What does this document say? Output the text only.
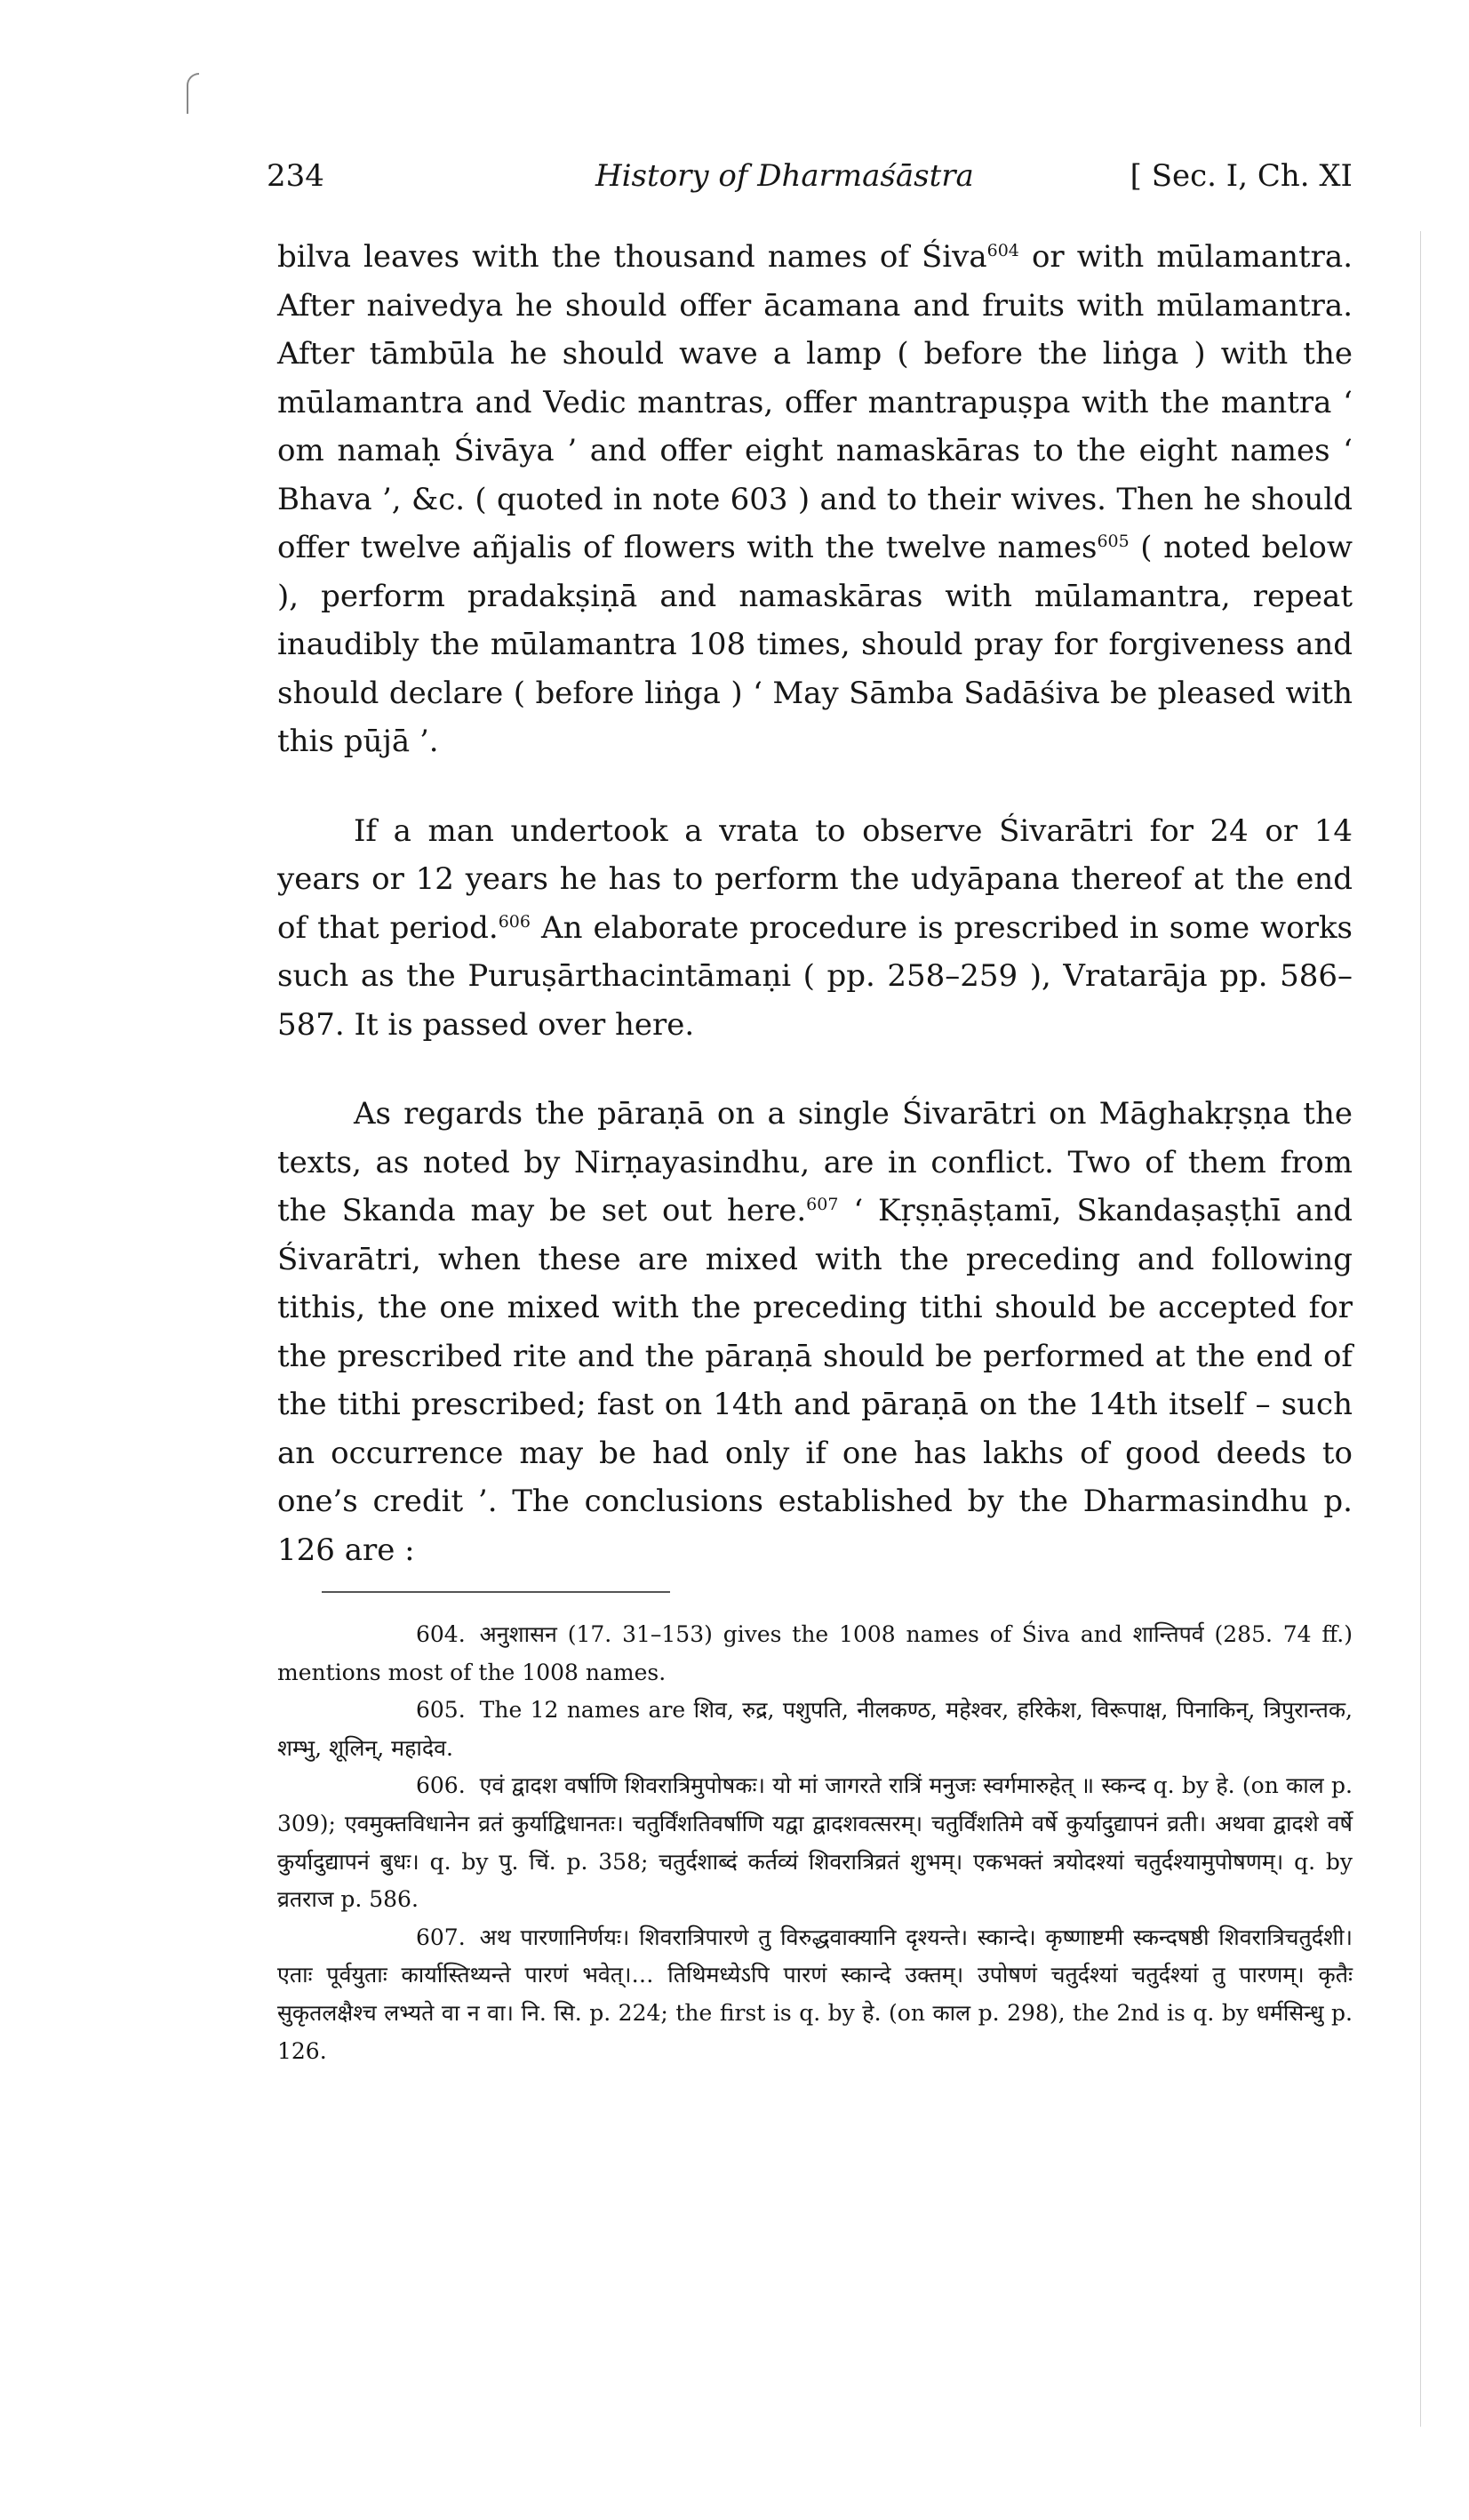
234	History of Dharmaśāstra	[ Sec. I, Ch. XI

bilva leaves with the thousand names of Śiva$^{604}$ or with mūlamantra. After naivedya he should offer ācamana and fruits with mūlamantra. After tāmbūla he should wave a lamp ( before the liṅga ) with the mūlamantra and Vedic mantras, offer mantrapuṣpa with the mantra ‘ om namaḥ Śivāya ’ and offer eight namaskāras to the eight names ‘ Bhava ’, &c. ( quoted in note 603 ) and to their wives. Then he should offer twelve añjalis of flowers with the twelve names$^{605}$ ( noted below ), perform pradakṣiṇā and namaskāras with mūlamantra, repeat inaudibly the mūlamantra 108 times, should pray for forgiveness and should declare ( before liṅga ) ‘ May Sāmba Sadāśiva be pleased with this pūjā ’.

If a man undertook a vrata to observe Śivarātri for 24 or 14 years or 12 years he has to perform the udyāpana thereof at the end of that period.$^{606}$ An elaborate procedure is prescribed in some works such as the Puruṣārthacintāmaṇi ( pp. 258–259 ), Vratarāja pp. 586–587. It is passed over here.

As regards the pāraṇā on a single Śivarātri on Māghakṛṣṇa the texts, as noted by Nirṇayasindhu, are in conflict. Two of them from the Skanda may be set out here.$^{607}$ ‘ Kṛṣṇāṣṭamī, Skandaṣaṣṭhī and Śivarātri, when these are mixed with the preceding and following tithis, the one mixed with the preceding tithi should be accepted for the prescribed rite and the pāraṇā should be performed at the end of the tithi prescribed; fast on 14th and pāraṇā on the 14th itself – such an occurrence may be had only if one has lakhs of good deeds to one’s credit ’. The conclusions established by the Dharmasindhu p. 126 are :

604. अनुशासन (17. 31–153) gives the 1008 names of Śiva and शान्तिपर्व (285. 74 ff.) mentions most of the 1008 names.

605. The 12 names are शिव, रुद्र, पशुपति, नीलकण्ठ, महेश्वर, हरिकेश, विरूपाक्ष, पिनाकिन्, त्रिपुरान्तक, शम्भु, शूलिन्, महादेव.

606. एवं द्वादश वर्षाणि शिवरात्रिमुपोषकः। यो मां जागरते रात्रिं मनुजः स्वर्गमारुहेत् ॥ स्कन्द q. by हे. (on काल p. 309); एवमुक्तविधानेन व्रतं कुर्याद्विधानतः। चतुर्विंशतिवर्षाणि यद्वा द्वादशवत्सरम्। चतुर्विंशतिमे वर्षे कुर्यादुद्यापनं व्रती। अथवा द्वादशे वर्षे कुर्यादुद्यापनं बुधः। q. by पु. चिं. p. 358; चतुर्दशाब्दं कर्तव्यं शिवरात्रिव्रतं शुभम्। एकभक्तं त्रयोदश्यां चतुर्दश्यामुपोषणम्। q. by व्रतराज p. 586.

607. अथ पारणानिर्णयः। शिवरात्रिपारणे तु विरुद्धवाक्यानि दृश्यन्ते। स्कान्दे। कृष्णाष्टमी स्कन्दषष्ठी शिवरात्रिचतुर्दशी। एताः पूर्वयुताः कार्यास्तिथ्यन्ते पारणं भवेत्।… तिथिमध्येऽपि पारणं स्कान्दे उक्तम्। उपोषणं चतुर्दश्यां चतुर्दश्यां तु पारणम्। कृतैः सुकृतलक्षैश्च लभ्यते वा न वा। नि. सि. p. 224; the first is q. by हे. (on काल p. 298), the 2nd is q. by धर्मसिन्धु p. 126.
